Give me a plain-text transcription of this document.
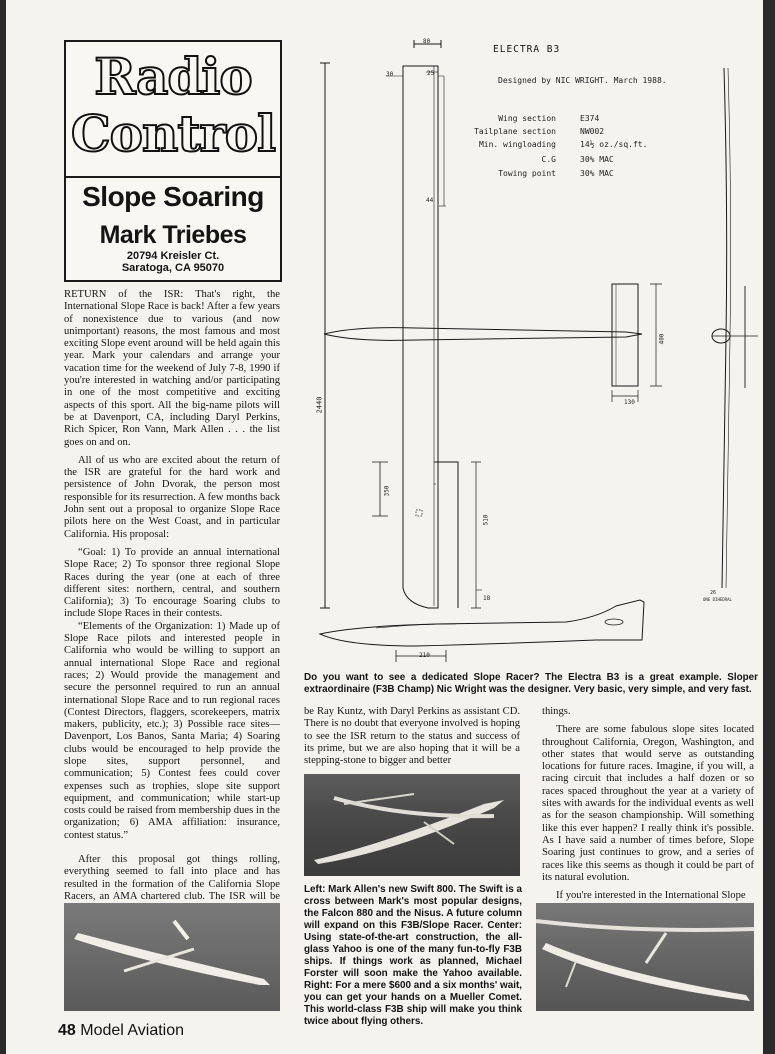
Radio
Control
Slope Soaring
Mark Triebes
20794 Kreisler Ct.
Saratoga, CA 95070

RETURN of the ISR: That's right, the International Slope Race is back! After a few years of nonexistence due to various (and now unimportant) reasons, the most famous and most exciting Slope event around will be held again this year. Mark your calendars and arrange your vacation time for the weekend of July 7-8, 1990 if you're interested in watching and/or participating in one of the most competitive and exciting aspects of this sport. All the big-name pilots will be at Davenport, CA, including Daryl Perkins, Rich Spicer, Ron Vann, Mark Allen . . . the list goes on and on.

All of us who are excited about the return of the ISR are grateful for the hard work and persistence of John Dvorak, the person most responsible for its resurrection. A few months back John sent out a proposal to organize Slope Race pilots here on the West Coast, and in particular California. His proposal:

“Goal: 1) To provide an annual international Slope Race; 2) To sponsor three regional Slope Races during the year (one at each of three different sites: northern, central, and southern California); 3) To encourage Soaring clubs to include Slope Races in their contests.

“Elements of the Organization: 1) Made up of Slope Race pilots and interested people in California who would be willing to support an annual international Slope Race and regional races; 2) Would provide the management and secure the personnel required to run an annual international Slope Race and to run regional races (Contest Directors, flaggers, scorekeepers, matrix makers, publicity, etc.); 3) Possible race sites—Davenport, Los Banos, Santa Maria; 4) Soaring clubs would be encouraged to help provide the slope sites, support personnel, and communication; 5) Contest fees could cover expenses such as trophies, slope site support equipment, and communication; while start-up costs could be raised from membership dues in the organization; 6) AMA affiliation: insurance, contest status.”

After this proposal got things rolling, everything seemed to fall into place and has resulted in the formation of the California Slope Racers, an AMA chartered club. The ISR will be

ELECTRA B3
Designed by NIC WRIGHT. March 1988.
Wing section	E374
Tailplane section	NW002
Min. wingloading	14½ oz./sq.ft.
C.G	30% MAC
Towing point	30% MAC
80
30	25
44
2440
400
130
350
510
18
210
26
ONE DIHEDRAL
Do you want to see a dedicated Slope Racer? The Electra B3 is a great example. Sloper extraordinaire (F3B Champ) Nic Wright was the designer. Very basic, very simple, and very fast.

be Ray Kuntz, with Daryl Perkins as assistant CD. There is no doubt that everyone involved is hoping to see the ISR return to the status and success of its prime, but we are also hoping that it will be a stepping-stone to bigger and better

things.

There are some fabulous slope sites located throughout California, Oregon, Washington, and other states that would serve as outstanding locations for future races. Imagine, if you will, a racing circuit that includes a half dozen or so races spaced throughout the year at a variety of sites with awards for the individual events as well as for the season championship. Will something like this ever happen? I really think it's possible. As I have said a number of times before, Slope Soaring just continues to grow, and a series of races like this seems as though it could be part of its natural evolution.

If you're interested in the International Slope

Left: Mark Allen's new Swift 800. The Swift is a cross between Mark's most popular designs, the Falcon 880 and the Nisus. A future column will expand on this F3B/Slope Racer. Center: Using state-of-the-art construction, the all-glass Yahoo is one of the many fun-to-fly F3B ships. If things work as planned, Michael Forster will soon make the Yahoo available. Right: For a mere $600 and a six months' wait, you can get your hands on a Mueller Comet. This world-class F3B ship will make you think twice about flying others.
48 Model Aviation
